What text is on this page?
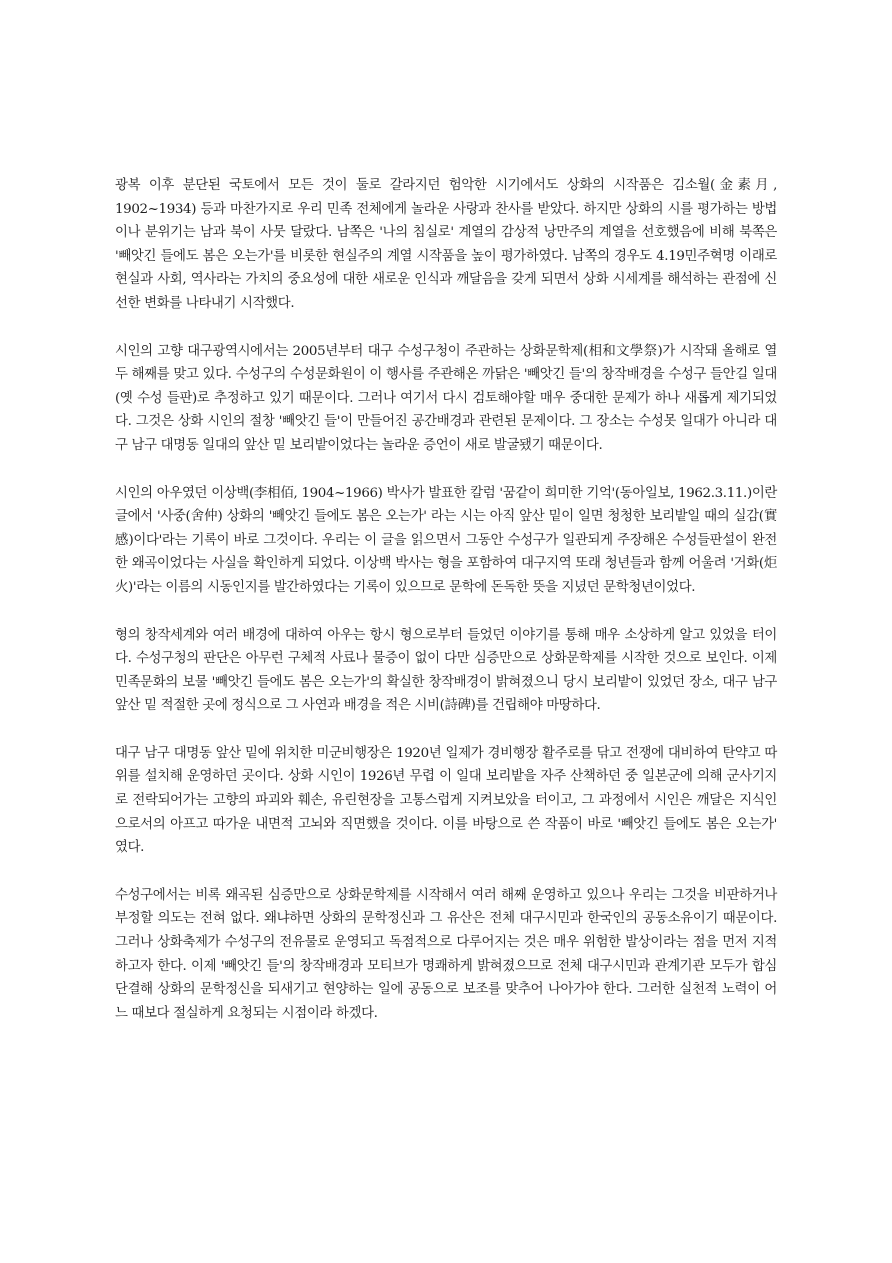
광복 이후 분단된 국토에서 모든 것이 둘로 갈라지던 험악한 시기에서도 상화의 시작품은 김소월(金素月, 1902~1934) 등과 마찬가지로 우리 민족 전체에게 놀라운 사랑과 찬사를 받았다. 하지만 상화의 시를 평가하는 방법이나 분위기는 남과 북이 사뭇 달랐다. 남쪽은 '나의 침실로' 계열의 감상적 낭만주의 계열을 선호했음에 비해 북쪽은 '빼앗긴 들에도 봄은 오는가'를 비롯한 현실주의 계열 시작품을 높이 평가하였다. 남쪽의 경우도 4.19민주혁명 이래로 현실과 사회, 역사라는 가치의 중요성에 대한 새로운 인식과 깨달음을 갖게 되면서 상화 시세계를 해석하는 관점에 신선한 변화를 나타내기 시작했다.

시인의 고향 대구광역시에서는 2005년부터 대구 수성구청이 주관하는 상화문학제(相和文學祭)가 시작돼 올해로 열두 해째를 맞고 있다. 수성구의 수성문화원이 이 행사를 주관해온 까닭은 '빼앗긴 들'의 창작배경을 수성구 들안길 일대(옛 수성 들판)로 추정하고 있기 때문이다. 그러나 여기서 다시 검토해야할 매우 중대한 문제가 하나 새롭게 제기되었다. 그것은 상화 시인의 절창 '빼앗긴 들'이 만들어진 공간배경과 관련된 문제이다. 그 장소는 수성못 일대가 아니라 대구 남구 대명동 일대의 앞산 밑 보리밭이었다는 놀라운 증언이 새로 발굴됐기 때문이다.

시인의 아우였던 이상백(李相佰, 1904~1966) 박사가 발표한 칼럼 '꿈같이 희미한 기억'(동아일보, 1962.3.11.)이란 글에서 '사중(舍仲) 상화의 '빼앗긴 들에도 봄은 오는가' 라는 시는 아직 앞산 밑이 일면 청청한 보리밭일 때의 실감(實感)이다'라는 기록이 바로 그것이다. 우리는 이 글을 읽으면서 그동안 수성구가 일관되게 주장해온 수성들판설이 완전한 왜곡이었다는 사실을 확인하게 되었다. 이상백 박사는 형을 포함하여 대구지역 또래 청년들과 함께 어울려 '거화(炬火)'라는 이름의 시동인지를 발간하였다는 기록이 있으므로 문학에 돈독한 뜻을 지녔던 문학청년이었다.

형의 창작세계와 여러 배경에 대하여 아우는 항시 형으로부터 들었던 이야기를 통해 매우 소상하게 알고 있었을 터이다. 수성구청의 판단은 아무런 구체적 사료나 물증이 없이 다만 심증만으로 상화문학제를 시작한 것으로 보인다. 이제 민족문화의 보물 '빼앗긴 들에도 봄은 오는가'의 확실한 창작배경이 밝혀졌으니 당시 보리밭이 있었던 장소, 대구 남구 앞산 밑 적절한 곳에 정식으로 그 사연과 배경을 적은 시비(詩碑)를 건립해야 마땅하다.

대구 남구 대명동 앞산 밑에 위치한 미군비행장은 1920년 일제가 경비행장 활주로를 닦고 전쟁에 대비하여 탄약고 따위를 설치해 운영하던 곳이다. 상화 시인이 1926년 무렵 이 일대 보리밭을 자주 산책하던 중 일본군에 의해 군사기지로 전락되어가는 고향의 파괴와 훼손, 유린현장을 고통스럽게 지켜보았을 터이고, 그 과정에서 시인은 깨달은 지식인으로서의 아프고 따가운 내면적 고뇌와 직면했을 것이다. 이를 바탕으로 쓴 작품이 바로 '빼앗긴 들에도 봄은 오는가' 였다.

수성구에서는 비록 왜곡된 심증만으로 상화문학제를 시작해서 여러 해째 운영하고 있으나 우리는 그것을 비판하거나 부정할 의도는 전혀 없다. 왜냐하면 상화의 문학정신과 그 유산은 전체 대구시민과 한국인의 공동소유이기 때문이다. 그러나 상화축제가 수성구의 전유물로 운영되고 독점적으로 다루어지는 것은 매우 위험한 발상이라는 점을 먼저 지적하고자 한다. 이제 '빼앗긴 들'의 창작배경과 모티브가 명쾌하게 밝혀졌으므로 전체 대구시민과 관계기관 모두가 합심 단결해 상화의 문학정신을 되새기고 현양하는 일에 공동으로 보조를 맞추어 나아가야 한다. 그러한 실천적 노력이 어느 때보다 절실하게 요청되는 시점이라 하겠다.
